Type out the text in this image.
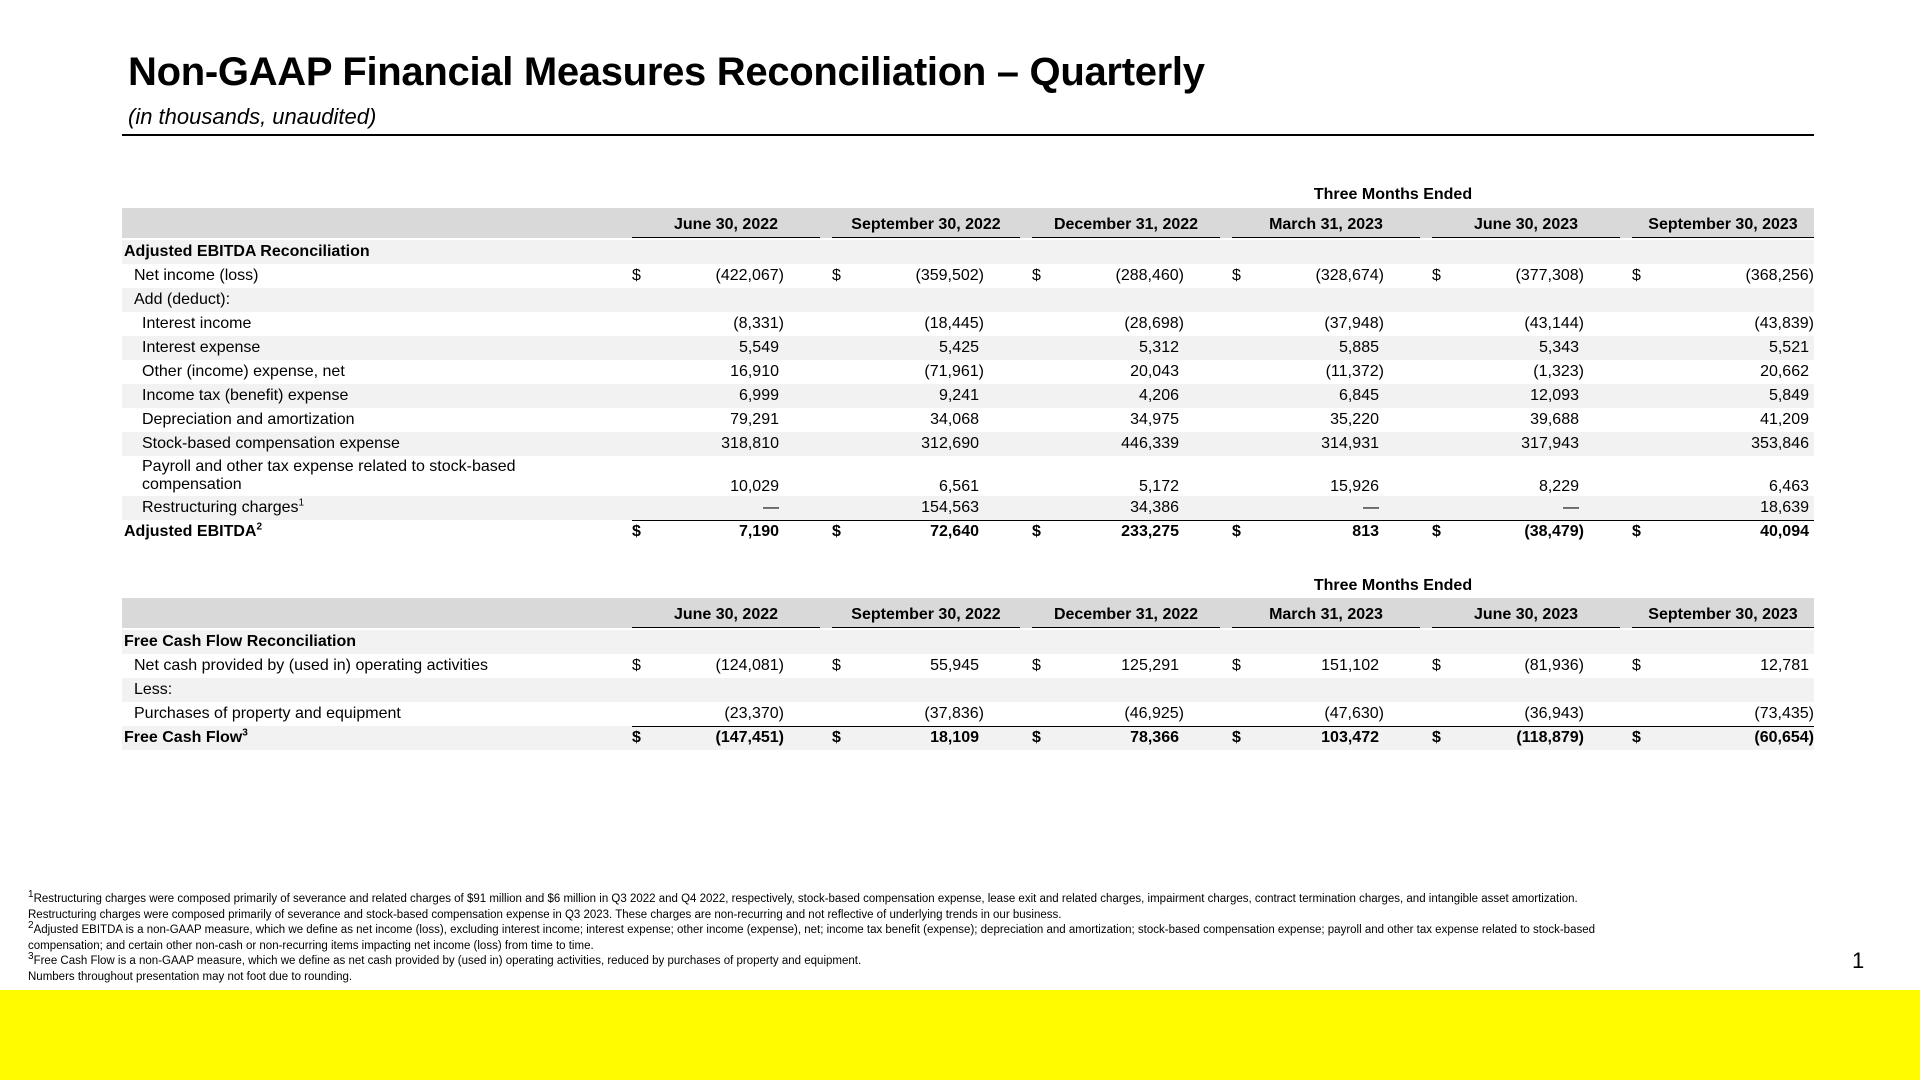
Non-GAAP Financial Measures Reconciliation – Quarterly
(in thousands, unaudited)
Three Months Ended
June 30, 2022	September 30, 2022	December 31, 2022	March 31, 2023	June 30, 2023	September 30, 2023
Adjusted EBITDA Reconciliation
Net income (loss)	$	(422,067)	$	(359,502)	$	(288,460)	$	(328,674)	$	(377,308)	$	(368,256)
Add (deduct):
Interest income	(8,331)	(18,445)	(28,698)	(37,948)	(43,144)	(43,839)
Interest expense	5,549	5,425	5,312	5,885	5,343	5,521
Other (income) expense, net	16,910	(71,961)	20,043	(11,372)	(1,323)	20,662
Income tax (benefit) expense	6,999	9,241	4,206	6,845	12,093	5,849
Depreciation and amortization	79,291	34,068	34,975	35,220	39,688	41,209
Stock-based compensation expense	318,810	312,690	446,339	314,931	317,943	353,846
Payroll and other tax expense related to stock-based compensation	10,029	6,561	5,172	15,926	8,229	6,463
Restructuring charges$^1$	—	154,563	34,386	—	—	18,639
Adjusted EBITDA$^2$	$	7,190	$	72,640	$	233,275	$	813	$	(38,479)	$	40,094
Three Months Ended
June 30, 2022	September 30, 2022	December 31, 2022	March 31, 2023	June 30, 2023	September 30, 2023
Free Cash Flow Reconciliation
Net cash provided by (used in) operating activities	$	(124,081)	$	55,945	$	125,291	$	151,102	$	(81,936)	$	12,781
Less:
Purchases of property and equipment	(23,370)	(37,836)	(46,925)	(47,630)	(36,943)	(73,435)
Free Cash Flow$^3$	$	(147,451)	$	18,109	$	78,366	$	103,472	$	(118,879)	$	(60,654)
$^1$Restructuring charges were composed primarily of severance and related charges of $91 million and $6 million in Q3 2022 and Q4 2022, respectively, stock-based compensation expense, lease exit and related charges, impairment charges, contract termination charges, and intangible asset amortization.
Restructuring charges were composed primarily of severance and stock-based compensation expense in Q3 2023. These charges are non-recurring and not reflective of underlying trends in our business.
$^2$Adjusted EBITDA is a non-GAAP measure, which we define as net income (loss), excluding interest income; interest expense; other income (expense), net; income tax benefit (expense); depreciation and amortization; stock-based compensation expense; payroll and other tax expense related to stock-based
compensation; and certain other non-cash or non-recurring items impacting net income (loss) from time to time.
$^3$Free Cash Flow is a non-GAAP measure, which we define as net cash provided by (used in) operating activities, reduced by purchases of property and equipment.
Numbers throughout presentation may not foot due to rounding.
1
